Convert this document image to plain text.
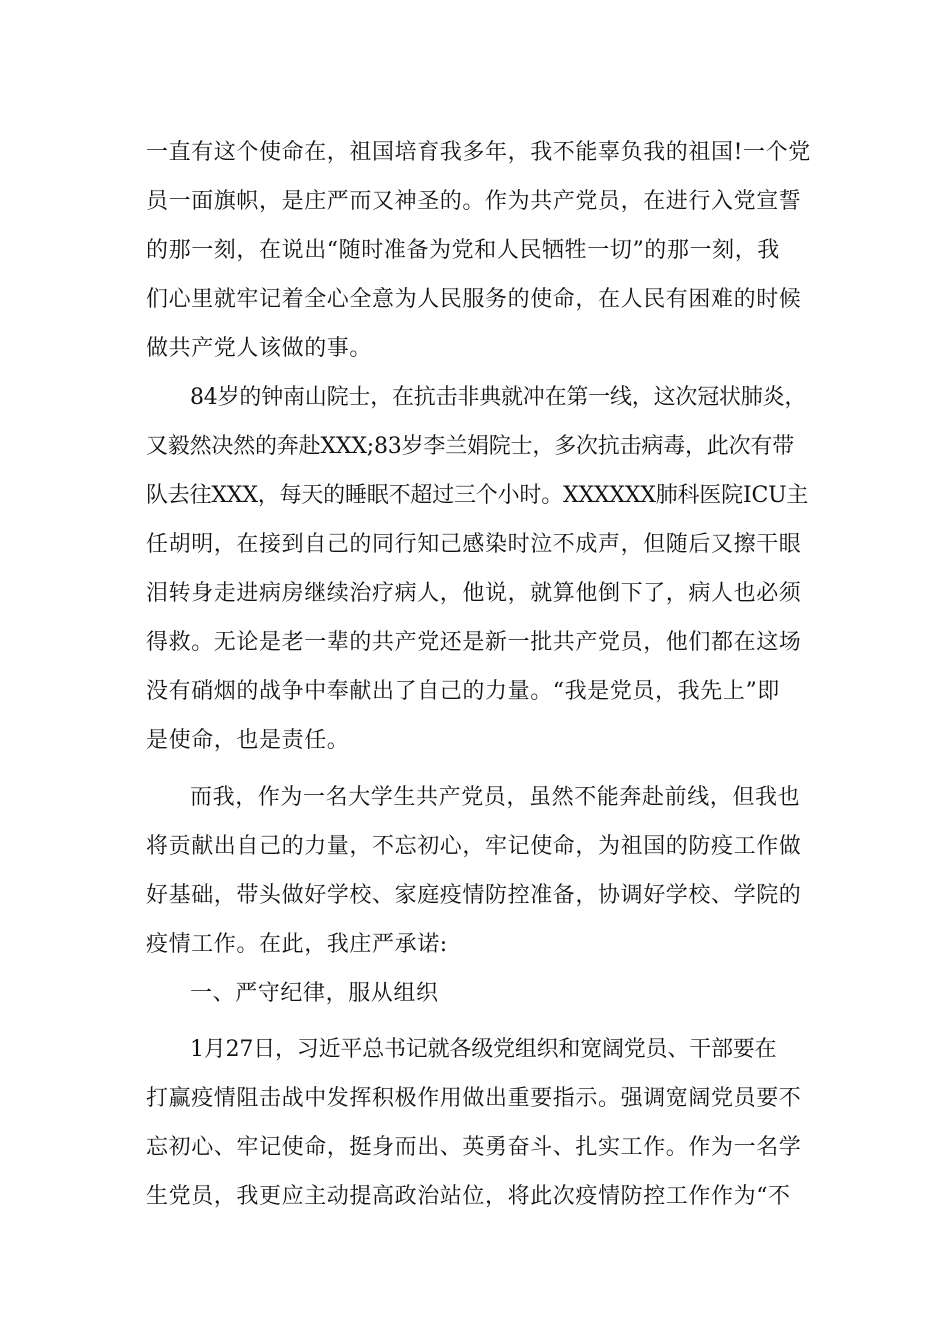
一直有这个使命在，祖国培育我多年，我不能辜负我的祖国!一个党
员一面旗帜，是庄严而又神圣的。作为共产党员，在进行入党宣誓
的那一刻，在说出“随时准备为党和人民牺牲一切”的那一刻，我
们心里就牢记着全心全意为人民服务的使命，在人民有困难的时候
做共产党人该做的事。
84岁的钟南山院士，在抗击非典就冲在第一线，这次冠状肺炎，
又毅然决然的奔赴XXX;83岁李兰娟院士，多次抗击病毒，此次有带
队去往XXX，每天的睡眠不超过三个小时。XXXXXX肺科医院ICU主
任胡明，在接到自己的同行知己感染时泣不成声，但随后又擦干眼
泪转身走进病房继续治疗病人，他说，就算他倒下了，病人也必须
得救。无论是老一辈的共产党还是新一批共产党员，他们都在这场
没有硝烟的战争中奉献出了自己的力量。“我是党员，我先上”即
是使命，也是责任。
而我，作为一名大学生共产党员，虽然不能奔赴前线，但我也
将贡献出自己的力量，不忘初心，牢记使命，为祖国的防疫工作做
好基础，带头做好学校、家庭疫情防控准备，协调好学校、学院的
疫情工作。在此，我庄严承诺:
一、严守纪律，服从组织
1月27日，习近平总书记就各级党组织和宽阔党员、干部要在
打赢疫情阻击战中发挥积极作用做出重要指示。强调宽阔党员要不
忘初心、牢记使命，挺身而出、英勇奋斗、扎实工作。作为一名学
生党员，我更应主动提高政治站位，将此次疫情防控工作作为“不
